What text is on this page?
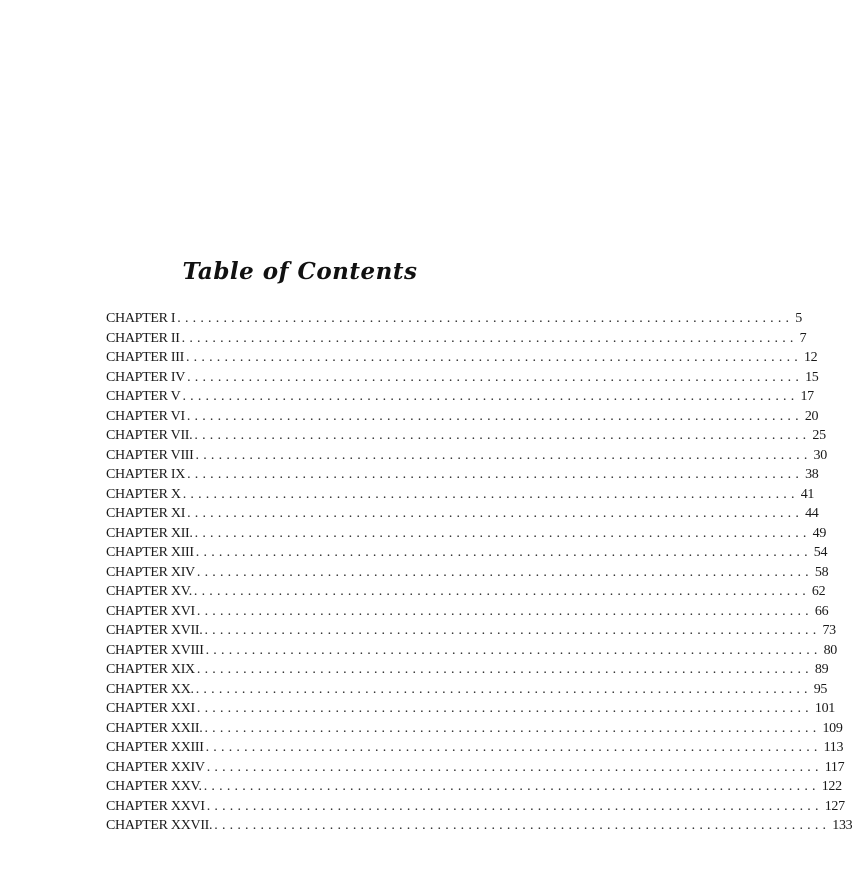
Table of Contents
CHAPTER I ................................................................................ 5
CHAPTER II ................................................................................ 7
CHAPTER III ................................................................................ 12
CHAPTER IV ................................................................................ 15
CHAPTER V ................................................................................ 17
CHAPTER VI ................................................................................ 20
CHAPTER VII. ................................................................................ 25
CHAPTER VIII ................................................................................ 30
CHAPTER IX ................................................................................ 38
CHAPTER X ................................................................................ 41
CHAPTER XI ................................................................................ 44
CHAPTER XII. ................................................................................ 49
CHAPTER XIII ................................................................................ 54
CHAPTER XIV ................................................................................ 58
CHAPTER XV. ................................................................................ 62
CHAPTER XVI ................................................................................ 66
CHAPTER XVII. ................................................................................ 73
CHAPTER XVIII ................................................................................ 80
CHAPTER XIX ................................................................................ 89
CHAPTER XX. ................................................................................ 95
CHAPTER XXI ................................................................................ 101
CHAPTER XXII. ................................................................................ 109
CHAPTER XXIII ................................................................................ 113
CHAPTER XXIV ................................................................................ 117
CHAPTER XXV. ................................................................................ 122
CHAPTER XXVI ................................................................................ 127
CHAPTER XXVII. ................................................................................ 133
